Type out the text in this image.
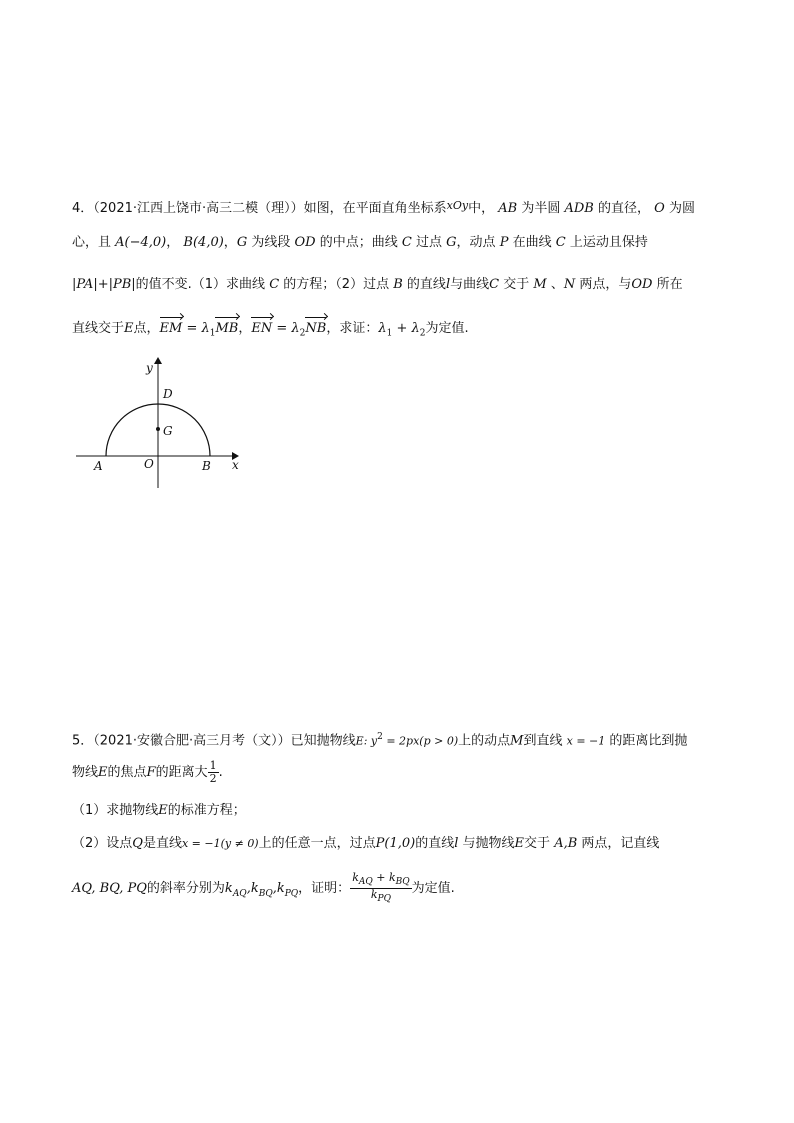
4．（2021·江西上饶市·高三二模（理））如图，在平面直角坐标系$^{xOy}$中， AB 为半圆 ADB 的直径， O 为圆
心，且 A(−4,0)， B(4,0)，G 为线段 OD 的中点；曲线 C 过点 G，动点 P 在曲线 C 上运动且保持
|PA|+|PB|的值不变.（1）求曲线 C 的方程；（2）过点 B 的直线l与曲线C 交于 M 、N 两点，与OD 所在
直线交于E点，EM = $\lambda_1MB$，EN = $\lambda_2NB$，求证：$\lambda_1 + \lambda_2$为定值.
y
x
D
G
A	O	B
5．（2021·安徽合肥·高三月考（文））已知抛物线E: $y^2 = 2px(p > 0)$上的动点M到直线 x = −1 的距离比到抛
物线E的焦点F的距离大 $\frac{1}{2}$ .
（1）求抛物线E的标准方程；
（2）设点Q是直线x = −1(y ≠ 0)上的任意一点，过点P(1,0)的直线l 与抛物线E交于 A,B 两点，记直线
AQ, BQ, PQ的斜率分别为$k_{AQ},k_{BQ},k_{PQ}$，证明： $\frac{k_{AQ} + k_{BQ}}{k_{PQ}}$ 为定值.
